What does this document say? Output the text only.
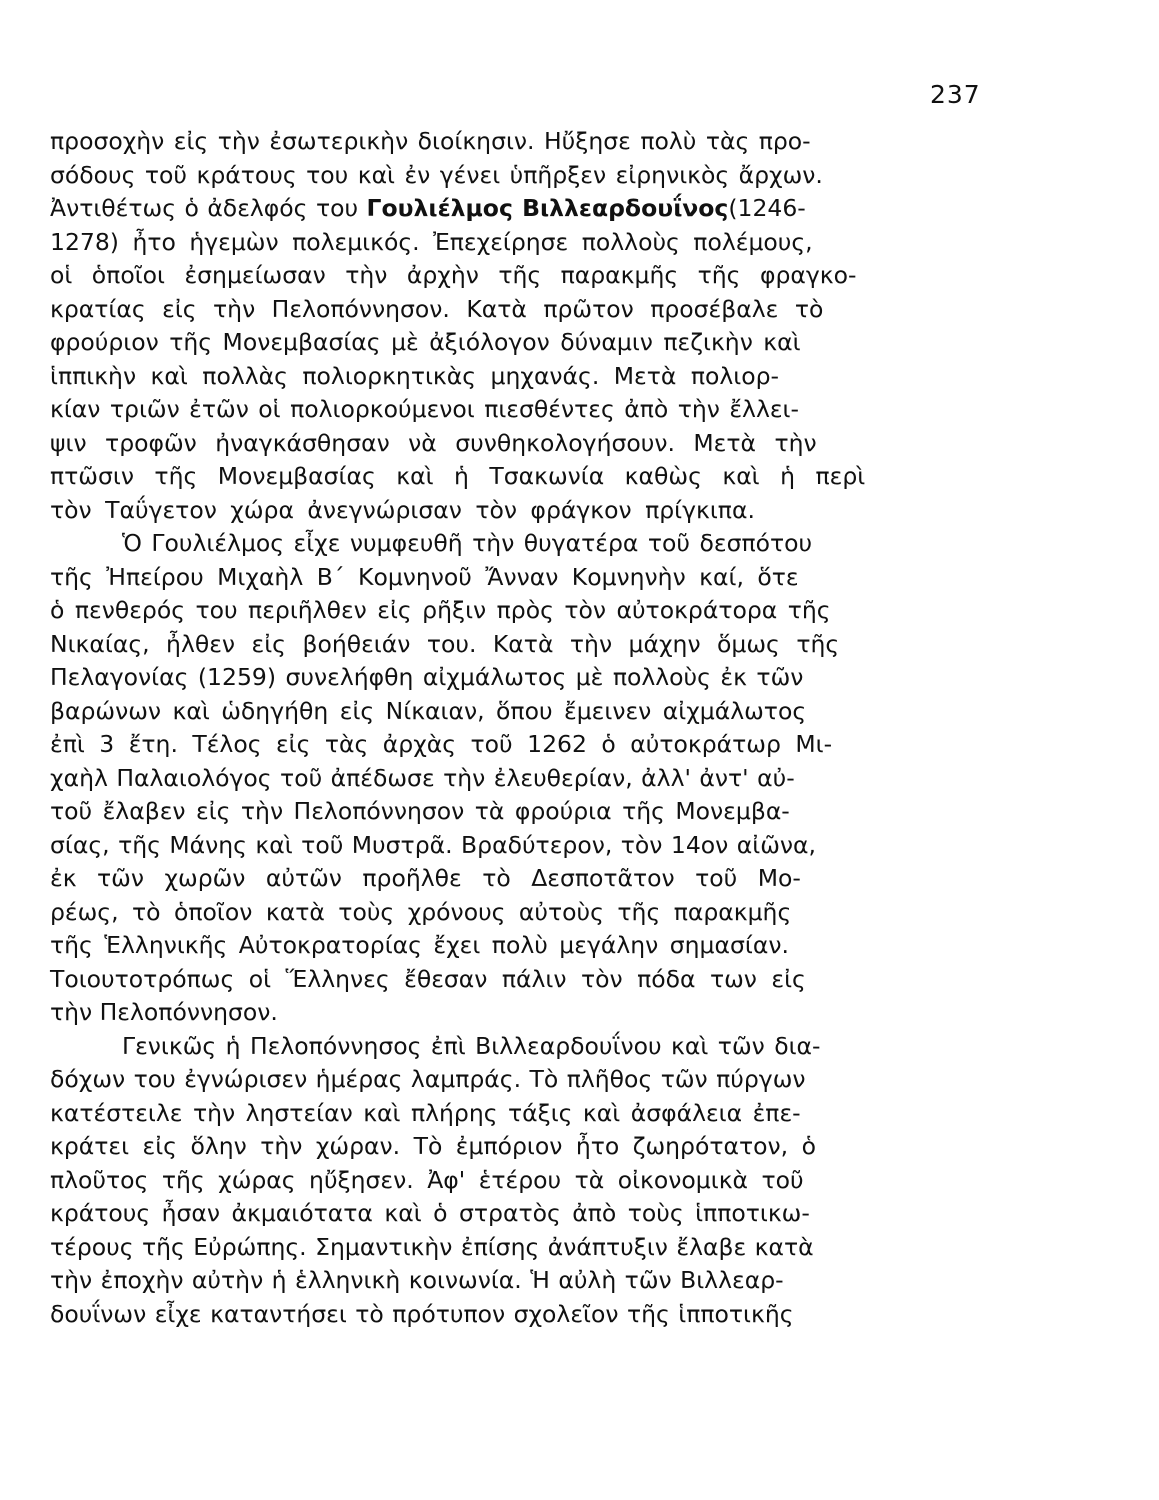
237
προσοχὴν εἰς τὴν ἐσωτερικὴν διοίκησιν. Ηὔξησε πολὺ τὰς προ-
σόδους τοῦ κράτους του καὶ ἐν γένει ὑπῆρξεν εἰρηνικὸς ἄρχων.
Ἀντιθέτως ὁ ἀδελφός του Γουλιέλμος Βιλλεαρδουΐνος(1246-
1278) ἦτο ἡγεμὼν πολεμικός. Ἐπεχείρησε πολλοὺς πολέμους,
οἱ ὁποῖοι ἐσημείωσαν τὴν ἀρχὴν τῆς παρακμῆς τῆς φραγκο-
κρατίας εἰς τὴν Πελοπόννησον. Κατὰ πρῶτον προσέβαλε τὸ
φρούριον τῆς Μονεμβασίας μὲ ἀξιόλογον δύναμιν πεζικὴν καὶ
ἱππικὴν καὶ πολλὰς πολιορκητικὰς μηχανάς. Μετὰ πολιορ-
κίαν τριῶν ἐτῶν οἱ πολιορκούμενοι πιεσθέντες ἀπὸ τὴν ἔλλει-
ψιν τροφῶν ἠναγκάσθησαν νὰ συνθηκολογήσουν. Μετὰ τὴν
πτῶσιν τῆς Μονεμβασίας καὶ ἡ Τσακωνία καθὼς καὶ ἡ περὶ
τὸν Ταΰγετον χώρα ἀνεγνώρισαν τὸν φράγκον πρίγκιπα.
Ὁ Γουλιέλμος εἶχε νυμφευθῆ τὴν θυγατέρα τοῦ δεσπότου
τῆς Ἠπείρου Μιχαὴλ Β΄ Κομνηνοῦ Ἄνναν Κομνηνὴν καί, ὅτε
ὁ πενθερός του περιῆλθεν εἰς ρῆξιν πρὸς τὸν αὐτοκράτορα τῆς
Νικαίας, ἦλθεν εἰς βοήθειάν του. Κατὰ τὴν μάχην ὅμως τῆς
Πελαγονίας (1259) συνελήφθη αἰχμάλωτος μὲ πολλοὺς ἐκ τῶν
βαρώνων καὶ ὡδηγήθη εἰς Νίκαιαν, ὅπου ἔμεινεν αἰχμάλωτος
ἐπὶ 3 ἔτη. Τέλος εἰς τὰς ἀρχὰς τοῦ 1262 ὁ αὐτοκράτωρ Μι-
χαὴλ Παλαιολόγος τοῦ ἀπέδωσε τὴν ἐλευθερίαν, ἀλλ' ἀντ' αὐ-
τοῦ ἔλαβεν εἰς τὴν Πελοπόννησον τὰ φρούρια τῆς Μονεμβα-
σίας, τῆς Μάνης καὶ τοῦ Μυστρᾶ. Βραδύτερον, τὸν 14ον αἰῶνα,
ἐκ τῶν χωρῶν αὐτῶν προῆλθε τὸ Δεσποτᾶτον τοῦ Μο-
ρέως, τὸ ὁποῖον κατὰ τοὺς χρόνους αὐτοὺς τῆς παρακμῆς
τῆς Ἑλληνικῆς Αὐτοκρατορίας ἔχει πολὺ μεγάλην σημασίαν.
Τοιουτοτρόπως οἱ Ἕλληνες ἔθεσαν πάλιν τὸν πόδα των εἰς
τὴν Πελοπόννησον.
Γενικῶς ἡ Πελοπόννησος ἐπὶ Βιλλεαρδουΐνου καὶ τῶν δια-
δόχων του ἐγνώρισεν ἡμέρας λαμπράς. Τὸ πλῆθος τῶν πύργων
κατέστειλε τὴν ληστείαν καὶ πλήρης τάξις καὶ ἀσφάλεια ἐπε-
κράτει εἰς ὅλην τὴν χώραν. Τὸ ἐμπόριον ἦτο ζωηρότατον, ὁ
πλοῦτος τῆς χώρας ηὔξησεν. Ἀφ' ἑτέρου τὰ οἰκονομικὰ τοῦ
κράτους ἦσαν ἀκμαιότατα καὶ ὁ στρατὸς ἀπὸ τοὺς ἱπποτικω-
τέρους τῆς Εὐρώπης. Σημαντικὴν ἐπίσης ἀνάπτυξιν ἔλαβε κατὰ
τὴν ἐποχὴν αὐτὴν ἡ ἑλληνικὴ κοινωνία. Ἡ αὐλὴ τῶν Βιλλεαρ-
δουΐνων εἶχε καταντήσει τὸ πρότυπον σχολεῖον τῆς ἱπποτικῆς
